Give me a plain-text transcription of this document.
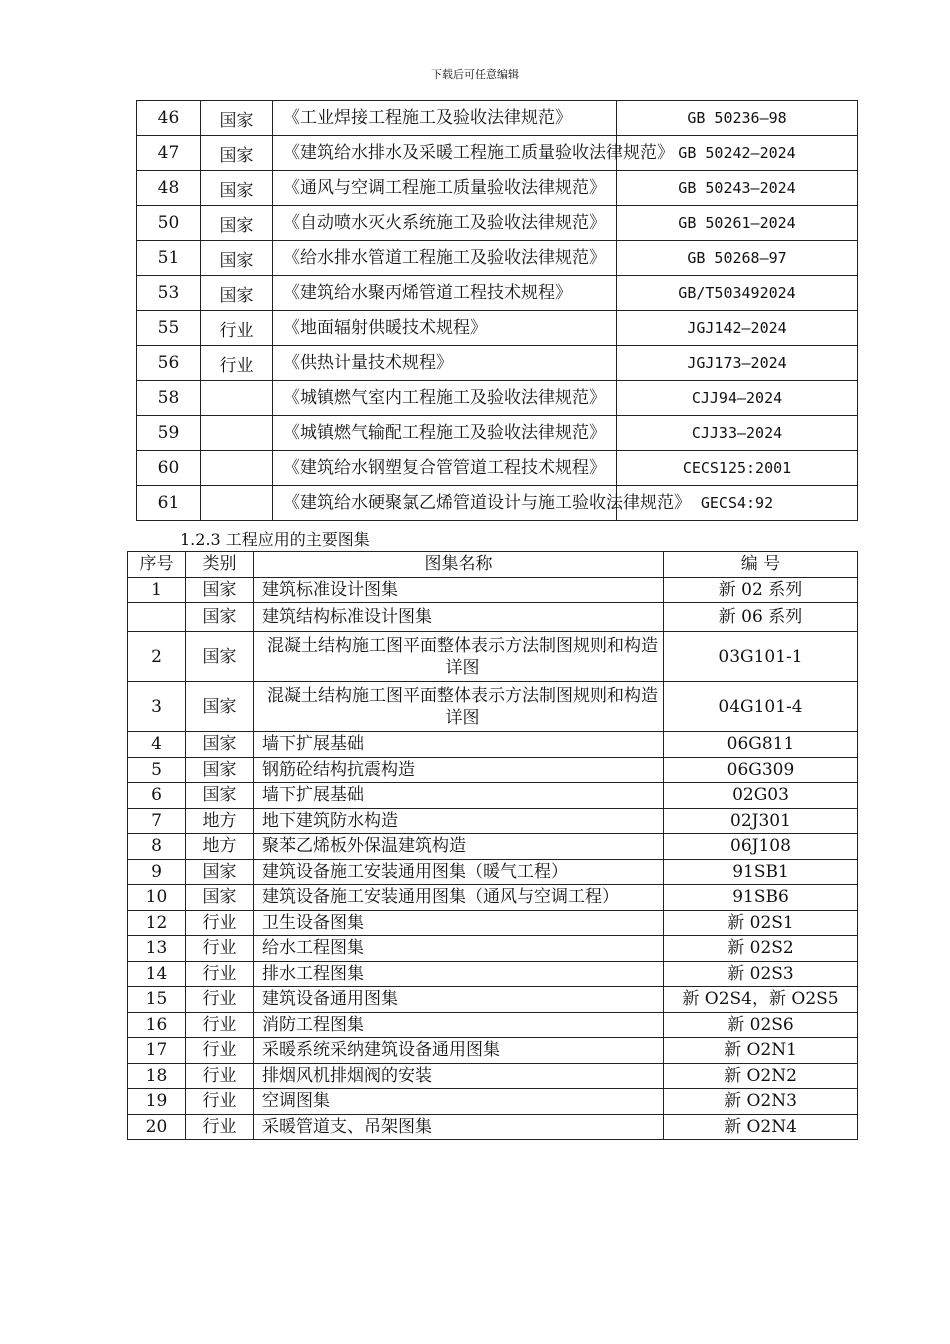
下载后可任意编辑
46	国家	《工业焊接工程施工及验收法律规范》	GB 50236—98
47	国家	《建筑给水排水及采暖工程施工质量验收法律规范》	GB 50242—2024
48	国家	《通风与空调工程施工质量验收法律规范》	GB 50243—2024
50	国家	《自动喷水灭火系统施工及验收法律规范》	GB 50261—2024
51	国家	《给水排水管道工程施工及验收法律规范》	GB 50268—97
53	国家	《建筑给水聚丙烯管道工程技术规程》	GB/T503492024
55	行业	《地面辐射供暖技术规程》	JGJ142—2024
56	行业	《供热计量技术规程》	JGJ173—2024
58		《城镇燃气室内工程施工及验收法律规范》	CJJ94—2024
59		《城镇燃气输配工程施工及验收法律规范》	CJJ33—2024
60		《建筑给水钢塑复合管管道工程技术规程》	CECS125:2001
61		《建筑给水硬聚氯乙烯管道设计与施工验收法律规范》	GECS4:92
1.2.3 工程应用的主要图集
序号	类别	图集名称	编 号
1	国家	建筑标准设计图集	新 02 系列
	国家	建筑结构标准设计图集	新 06 系列
2	国家	混凝土结构施工图平面整体表示方法制图规则和构造详图	03G101-1
3	国家	混凝土结构施工图平面整体表示方法制图规则和构造详图	04G101-4
4	国家	墙下扩展基础	06G811
5	国家	钢筋砼结构抗震构造	06G309
6	国家	墙下扩展基础	02G03
7	地方	地下建筑防水构造	02J301
8	地方	聚苯乙烯板外保温建筑构造	06J108
9	国家	建筑设备施工安装通用图集（暖气工程）	91SB1
10	国家	建筑设备施工安装通用图集（通风与空调工程）	91SB6
12	行业	卫生设备图集	新 02S1
13	行业	给水工程图集	新 02S2
14	行业	排水工程图集	新 02S3
15	行业	建筑设备通用图集	新 O2S4，新 O2S5
16	行业	消防工程图集	新 02S6
17	行业	采暖系统采纳建筑设备通用图集	新 O2N1
18	行业	排烟风机排烟阀的安装	新 O2N2
19	行业	空调图集	新 O2N3
20	行业	采暖管道支、吊架图集	新 O2N4
